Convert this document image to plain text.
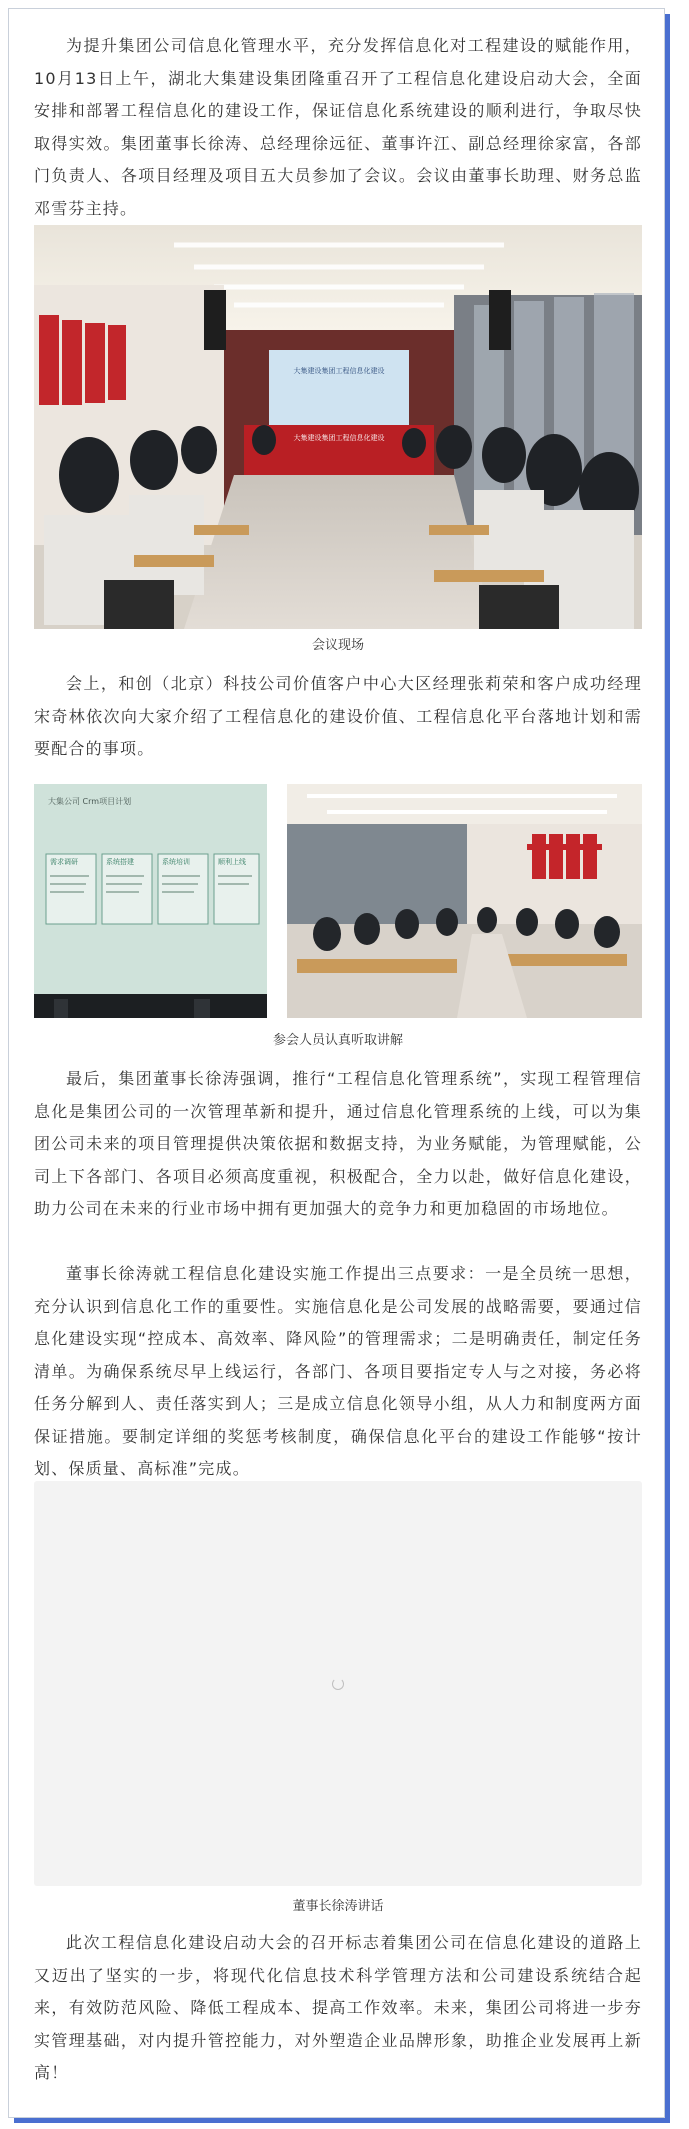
为提升集团公司信息化管理水平，充分发挥信息化对工程建设的赋能作用，10月13日上午，湖北大集建设集团隆重召开了工程信息化建设启动大会，全面安排和部署工程信息化的建设工作，保证信息化系统建设的顺利进行，争取尽快取得实效。集团董事长徐涛、总经理徐远征、董事许江、副总经理徐家富，各部门负责人、各项目经理及项目五大员参加了会议。会议由董事长助理、财务总监邓雪芬主持。

大集建设集团工程信息化建设
大集建设集团工程信息化建设
会议现场

会上，和创（北京）科技公司价值客户中心大区经理张莉荣和客户成功经理宋奇林依次向大家介绍了工程信息化的建设价值、工程信息化平台落地计划和需要配合的事项。

大集公司 Crm项目计划
需求调研	系统搭建	系统培训	顺利上线
参会人员认真听取讲解

最后，集团董事长徐涛强调，推行“工程信息化管理系统”，实现工程管理信息化是集团公司的一次管理革新和提升，通过信息化管理系统的上线，可以为集团公司未来的项目管理提供决策依据和数据支持，为业务赋能，为管理赋能，公司上下各部门、各项目必须高度重视，积极配合，全力以赴，做好信息化建设，助力公司在未来的行业市场中拥有更加强大的竞争力和更加稳固的市场地位。

董事长徐涛就工程信息化建设实施工作提出三点要求：一是全员统一思想，充分认识到信息化工作的重要性。实施信息化是公司发展的战略需要，要通过信息化建设实现“控成本、高效率、降风险”的管理需求；二是明确责任，制定任务清单。为确保系统尽早上线运行，各部门、各项目要指定专人与之对接，务必将任务分解到人、责任落实到人；三是成立信息化领导小组，从人力和制度两方面保证措施。要制定详细的奖惩考核制度，确保信息化平台的建设工作能够“按计划、保质量、高标准”完成。

董事长徐涛讲话

此次工程信息化建设启动大会的召开标志着集团公司在信息化建设的道路上又迈出了坚实的一步，将现代化信息技术科学管理方法和公司建设系统结合起来，有效防范风险、降低工程成本、提高工作效率。未来，集团公司将进一步夯实管理基础，对内提升管控能力，对外塑造企业品牌形象，助推企业发展再上新高！
